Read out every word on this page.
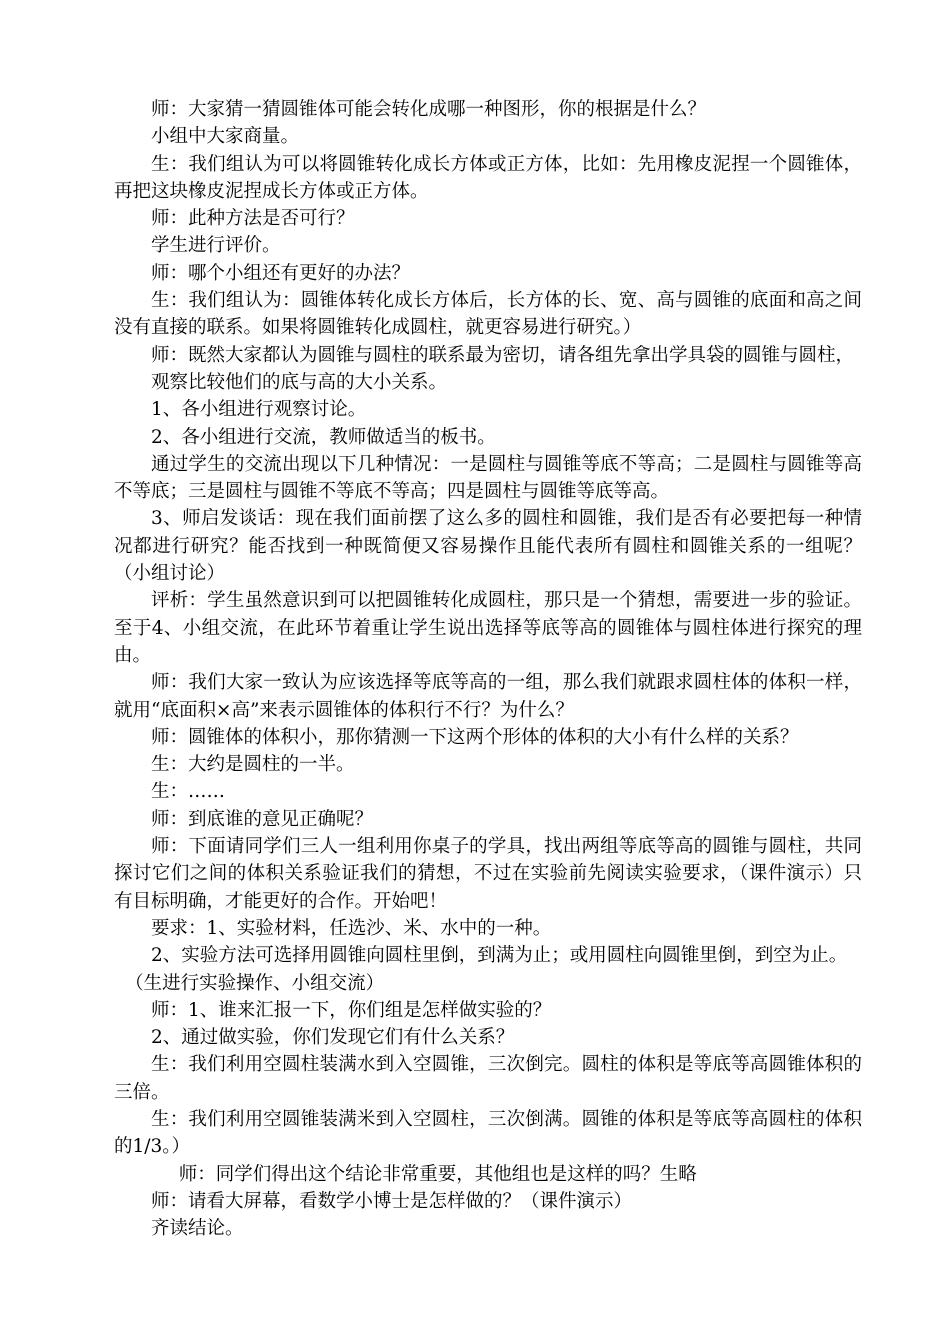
师：大家猜一猜圆锥体可能会转化成哪一种图形，你的根据是什么？

小组中大家商量。

生：我们组认为可以将圆锥转化成长方体或正方体，比如：先用橡皮泥捏一个圆锥体，再把这块橡皮泥捏成长方体或正方体。

师：此种方法是否可行？

学生进行评价。

师：哪个小组还有更好的办法？

生：我们组认为：圆锥体转化成长方体后，长方体的长、宽、高与圆锥的底面和高之间没有直接的联系。如果将圆锥转化成圆柱，就更容易进行研究。）

师：既然大家都认为圆锥与圆柱的联系最为密切，请各组先拿出学具袋的圆锥与圆柱，

观察比较他们的底与高的大小关系。

1、各小组进行观察讨论。

2、各小组进行交流，教师做适当的板书。

通过学生的交流出现以下几种情况：一是圆柱与圆锥等底不等高；二是圆柱与圆锥等高不等底；三是圆柱与圆锥不等底不等高；四是圆柱与圆锥等底等高。

3、师启发谈话：现在我们面前摆了这么多的圆柱和圆锥，我们是否有必要把每一种情况都进行研究？能否找到一种既简便又容易操作且能代表所有圆柱和圆锥关系的一组呢？（小组讨论）

评析：学生虽然意识到可以把圆锥转化成圆柱，那只是一个猜想，需要进一步的验证。至于4、小组交流，在此环节着重让学生说出选择等底等高的圆锥体与圆柱体进行探究的理由。

师：我们大家一致认为应该选择等底等高的一组，那么我们就跟求圆柱体的体积一样，就用“底面积×高”来表示圆锥体的体积行不行？为什么？

师：圆锥体的体积小，那你猜测一下这两个形体的体积的大小有什么样的关系？

生：大约是圆柱的一半。

生：……

师：到底谁的意见正确呢？

师：下面请同学们三人一组利用你桌子的学具，找出两组等底等高的圆锥与圆柱，共同探讨它们之间的体积关系验证我们的猜想，不过在实验前先阅读实验要求，（课件演示）只有目标明确，才能更好的合作。开始吧！

要求：1、实验材料，任选沙、米、水中的一种。

2、实验方法可选择用圆锥向圆柱里倒，到满为止；或用圆柱向圆锥里倒，到空为止。

（生进行实验操作、小组交流）

师：1、谁来汇报一下，你们组是怎样做实验的？

2、通过做实验，你们发现它们有什么关系？

生：我们利用空圆柱装满水到入空圆锥，三次倒完。圆柱的体积是等底等高圆锥体积的三倍。

生：我们利用空圆锥装满米到入空圆柱，三次倒满。圆锥的体积是等底等高圆柱的体积的1/3。）

师：同学们得出这个结论非常重要，其他组也是这样的吗？生略

师：请看大屏幕，看数学小博士是怎样做的？（课件演示）

齐读结论。
